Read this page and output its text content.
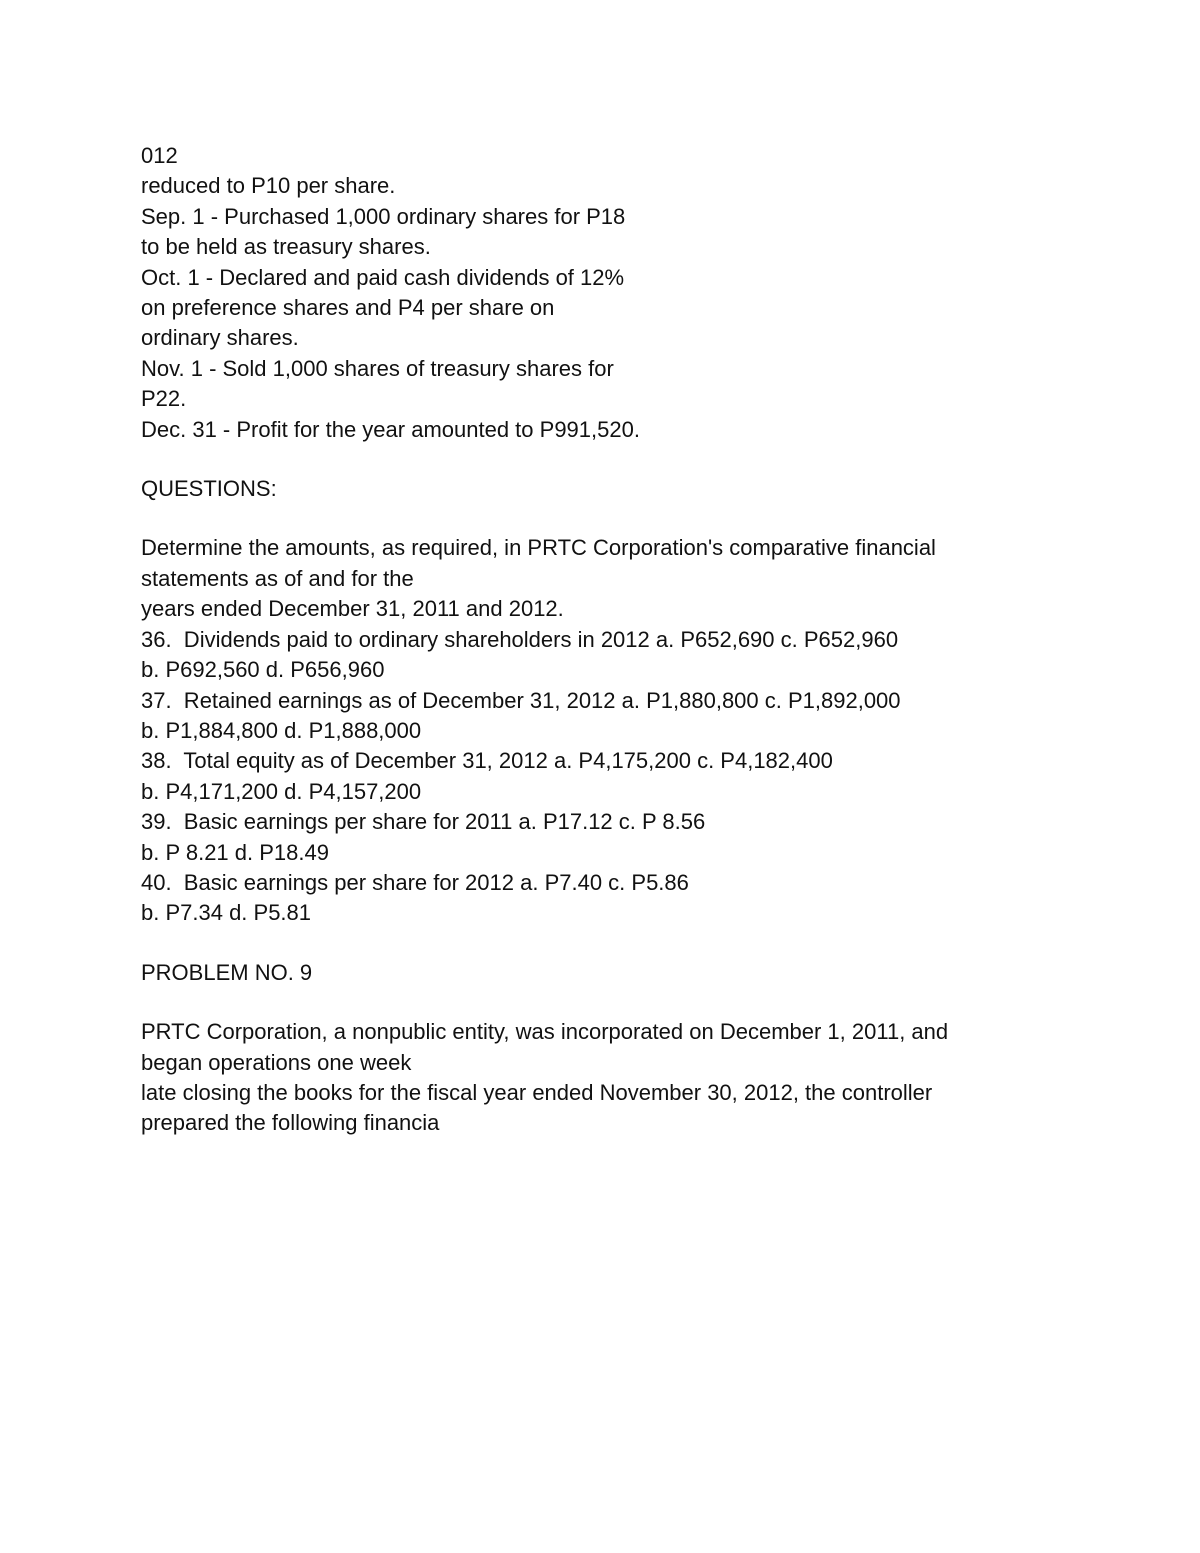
012
reduced to P10 per share.
Sep. 1 - Purchased 1,000 ordinary shares for P18
to be held as treasury shares.
Oct. 1 - Declared and paid cash dividends of 12%
on preference shares and P4 per share on
ordinary shares.
Nov. 1 - Sold 1,000 shares of treasury shares for
P22.
Dec. 31 - Profit for the year amounted to P991,520.
QUESTIONS:
Determine the amounts, as required, in PRTC Corporation's comparative financial
statements as of and for the
years ended December 31, 2011 and 2012.
36.  Dividends paid to ordinary shareholders in 2012 a. P652,690 c. P652,960
b. P692,560 d. P656,960
37.  Retained earnings as of December 31, 2012 a. P1,880,800 c. P1,892,000
b. P1,884,800 d. P1,888,000
38.  Total equity as of December 31, 2012 a. P4,175,200 c. P4,182,400
b. P4,171,200 d. P4,157,200
39.  Basic earnings per share for 2011 a. P17.12 c. P 8.56
b. P 8.21 d. P18.49
40.  Basic earnings per share for 2012 a. P7.40 c. P5.86
b. P7.34 d. P5.81
PROBLEM NO. 9
PRTC Corporation, a nonpublic entity, was incorporated on December 1, 2011, and
began operations one week
late closing the books for the fiscal year ended November 30, 2012, the controller
prepared the following financia
